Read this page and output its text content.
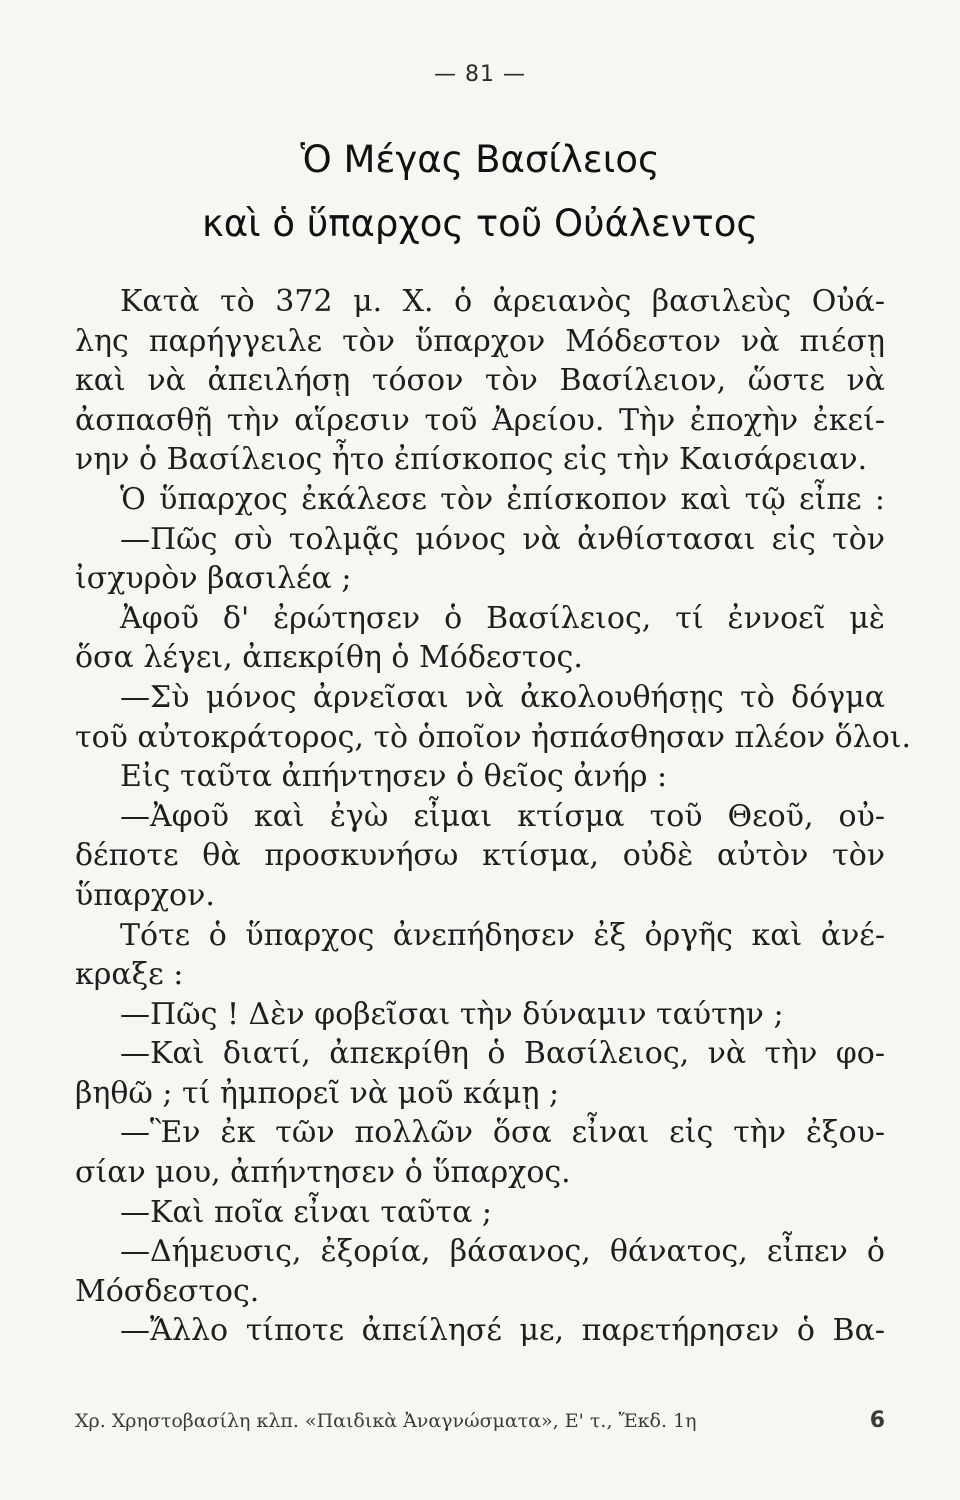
— 81 —
Ὁ Μέγας Βασίλειος
καὶ ὁ ὕπαρχος τοῦ Οὐάλεντος
Κατὰ τὸ 372 μ. Χ. ὁ ἀρειανὸς βασιλεὺς Οὐά-
λης παρήγγειλε τὸν ὕπαρχον Μόδεστον νὰ πιέσῃ
καὶ νὰ ἀπειλήσῃ τόσον τὸν Βασίλειον, ὥστε νὰ
ἀσπασθῇ τὴν αἵρεσιν τοῦ Ἀρείου. Τὴν ἐποχὴν ἐκεί-
νην ὁ Βασίλειος ἦτο ἐπίσκοπος εἰς τὴν Καισάρειαν.
Ὁ ὕπαρχος ἐκάλεσε τὸν ἐπίσκοπον καὶ τῷ εἶπε :
—Πῶς σὺ τολμᾷς μόνος νὰ ἀνθίστασαι εἰς τὸν
ἰσχυρὸν βασιλέα ;
Ἀφοῦ δ' ἐρώτησεν ὁ Βασίλειος, τί ἐννοεῖ μὲ
ὅσα λέγει, ἀπεκρίθη ὁ Μόδεστος.
—Σὺ μόνος ἀρνεῖσαι νὰ ἀκολουθήσῃς τὸ δόγμα
τοῦ αὐτοκράτορος, τὸ ὁποῖον ἠσπάσθησαν πλέον ὅλοι.
Εἰς ταῦτα ἀπήντησεν ὁ θεῖος ἀνήρ :
—Ἀφοῦ καὶ ἐγὼ εἶμαι κτίσμα τοῦ Θεοῦ, οὐ-
δέποτε θὰ προσκυνήσω κτίσμα, οὐδὲ αὐτὸν τὸν
ὕπαρχον.
Τότε ὁ ὕπαρχος ἀνεπήδησεν ἐξ ὀργῆς καὶ ἀνέ-
κραξε :
—Πῶς ! Δὲν φοβεῖσαι τὴν δύναμιν ταύτην ;
—Καὶ διατί, ἀπεκρίθη ὁ Βασίλειος, νὰ τὴν φο-
βηθῶ ; τί ἠμπορεῖ νὰ μοῦ κάμῃ ;
—Ἓν ἐκ τῶν πολλῶν ὅσα εἶναι εἰς τὴν ἐξου-
σίαν μου, ἀπήντησεν ὁ ὕπαρχος.
—Καὶ ποῖα εἶναι ταῦτα ;
—Δήμευσις, ἐξορία, βάσανος, θάνατος, εἶπεν ὁ
Μόσδεστος.
—Ἄλλο τίποτε ἀπείλησέ με, παρετήρησεν ὁ Βα-
Χρ. Χρηστοβασίλη κλπ. «Παιδικὰ Ἀναγνώσματα», Ε' τ., Ἔκδ. 1η	6
